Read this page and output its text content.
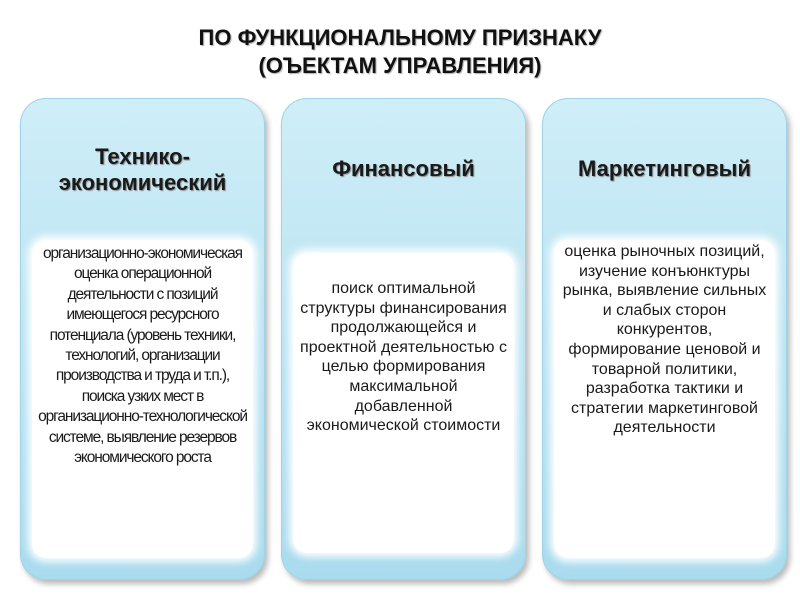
ПО ФУНКЦИОНАЛЬНОМУ ПРИЗНАКУ
(ОЪЕКТАМ УПРАВЛЕНИЯ)
Технико-экономический
организационно-экономическая оценка операционной деятельности с позиций имеющегося ресурсного потенциала (уровень техники, технологий, организации производства и труда и т.п.), поиска узких мест в организационно-технологической системе, выявление резервов экономического роста
Финансовый
поиск оптимальной структуры финансирования продолжающейся и проектной деятельностью с целью формирования максимальной добавленной экономической стоимости
Маркетинговый
оценка рыночных позиций, изучение конъюнктуры рынка, выявление сильных и слабых сторон конкурентов, формирование ценовой и товарной политики, разработка тактики и стратегии маркетинговой деятельности
